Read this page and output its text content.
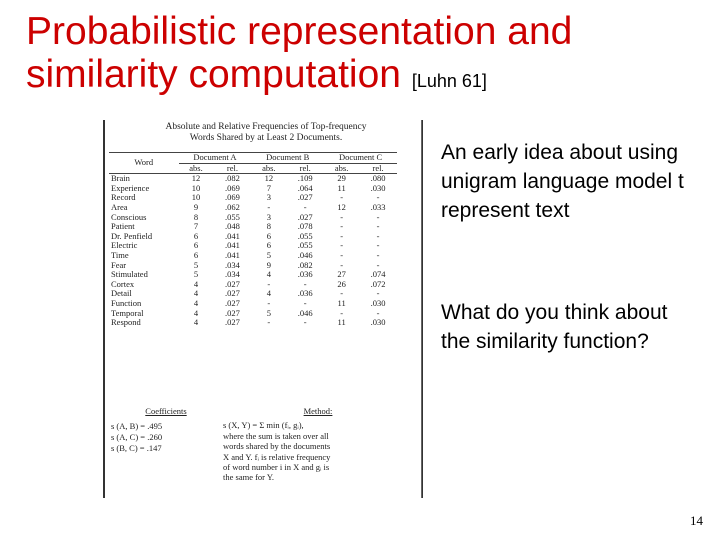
Probabilistic representation and
similarity computation [Luhn 61]
Absolute and Relative Frequencies of Top-frequency
Words Shared by at Least 2 Documents.
Word	Document A		Document B		Document C	
	abs.	rel.	abs.	rel.	abs.	rel.
Brain	12	.082	12	.109	29	.080
Experience	10	.069	7	.064	11	.030
Record	10	.069	3	.027	-	-
Area	9	.062	-	-	12	.033
Conscious	8	.055	3	.027	-	-
Patient	7	.048	8	.078	-	-
Dr. Penfield	6	.041	6	.055	-	-
Electric	6	.041	6	.055	-	-
Time	6	.041	5	.046	-	-
Fear	5	.034	9	.082	-	-
Stimulated	5	.034	4	.036	27	.074
Cortex	4	.027	-	-	26	.072
Detail	4	.027	4	.036	-	-
Function	4	.027	-	-	11	.030
Temporal	4	.027	5	.046	-	-
Respond	4	.027	-	-	11	.030
Coefficients
s (A, B) = .495
s (A, C) = .260
s (B, C) = .147
Method:
s (X, Y) = Σ min (fᵢ, gᵢ),
where the sum is taken over all
words shared by the documents
X and Y. fᵢ is relative frequency
of word number i in X and gᵢ is
the same for Y.
An early idea about using
unigram language model t
represent text
What do you think about
the similarity function?
14
